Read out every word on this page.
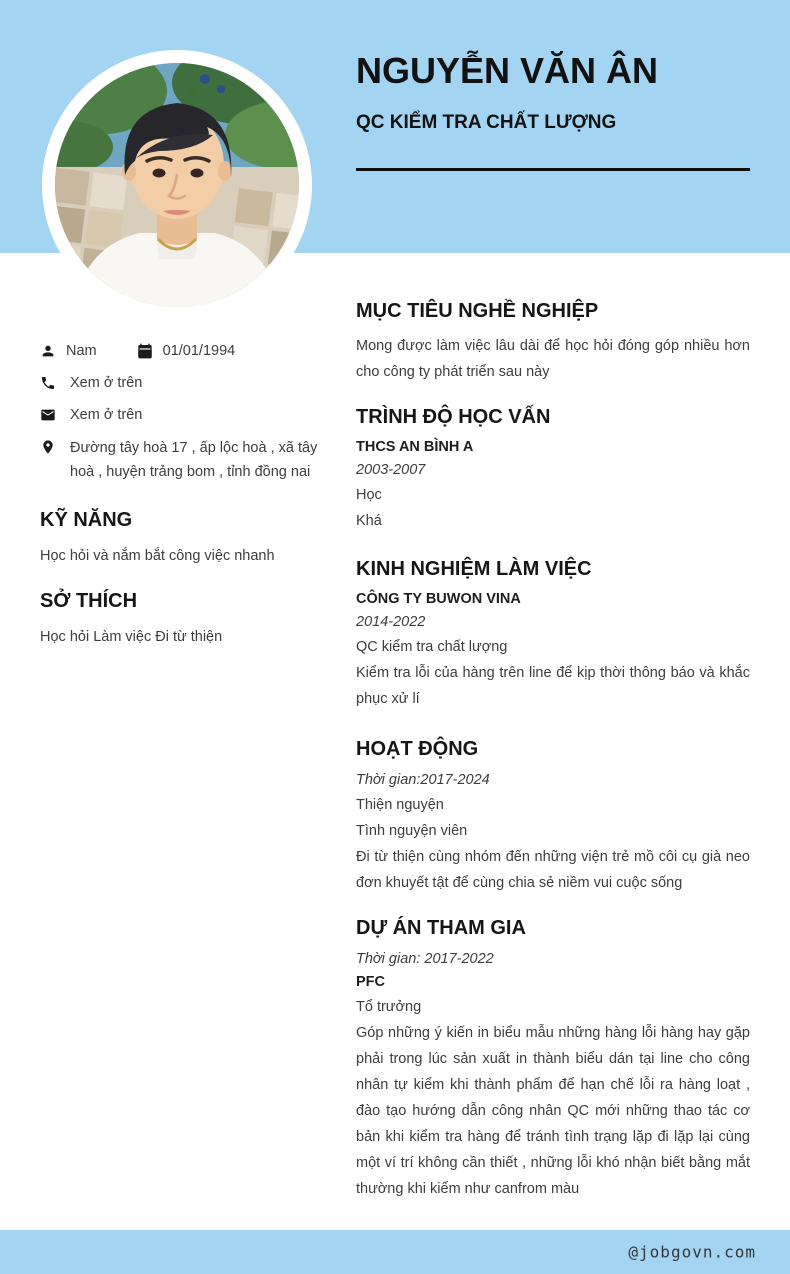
NGUYỄN VĂN ÂN
QC KIỂM TRA CHẤT LƯỢNG
Nam	01/01/1994
Xem ở trên
Xem ở trên
Đường tây hoà 17 , ấp lộc hoà , xã tây hoà , huyện trảng bom , tỉnh đồng nai
KỸ NĂNG
Học hỏi và nắm bắt công việc nhanh
SỞ THÍCH
Học hỏi Làm việc Đi từ thiện
MỤC TIÊU NGHỀ NGHIỆP
Mong được làm việc lâu dài để học hỏi đóng góp nhiều hơn cho công ty phát triển sau này
TRÌNH ĐỘ HỌC VẤN
THCS AN BÌNH A
2003-2007
Học
Khá
KINH NGHIỆM LÀM VIỆC
CÔNG TY BUWON VINA
2014-2022
QC kiểm tra chất lượng
Kiểm tra lỗi của hàng trên line để kịp thời thông báo và khắc phục xử lí
HOẠT ĐỘNG
Thời gian:2017-2024
Thiện nguyện
Tình nguyện viên
Đi từ thiện cùng nhóm đến những viện trẻ mồ côi cụ già neo đơn khuyết tật để cùng chia sẻ niềm vui cuộc sống
DỰ ÁN THAM GIA
Thời gian: 2017-2022
PFC
Tổ trưởng
Góp những ý kiến in biểu mẫu những hàng lỗi hàng hay gặp phải trong lúc sản xuất in thành biểu dán tại line cho công nhân tự kiểm khi thành phẩm để hạn chế lỗi ra hàng loạt , đào tạo hướng dẫn công nhân QC mới những thao tác cơ bản khi kiểm tra hàng để tránh tình trạng lặp đi lặp lại cùng một ví trí không cần thiết , những lỗi khó nhận biết bằng mắt thường khi kiểm như canfrom màu
@jobgovn.com
